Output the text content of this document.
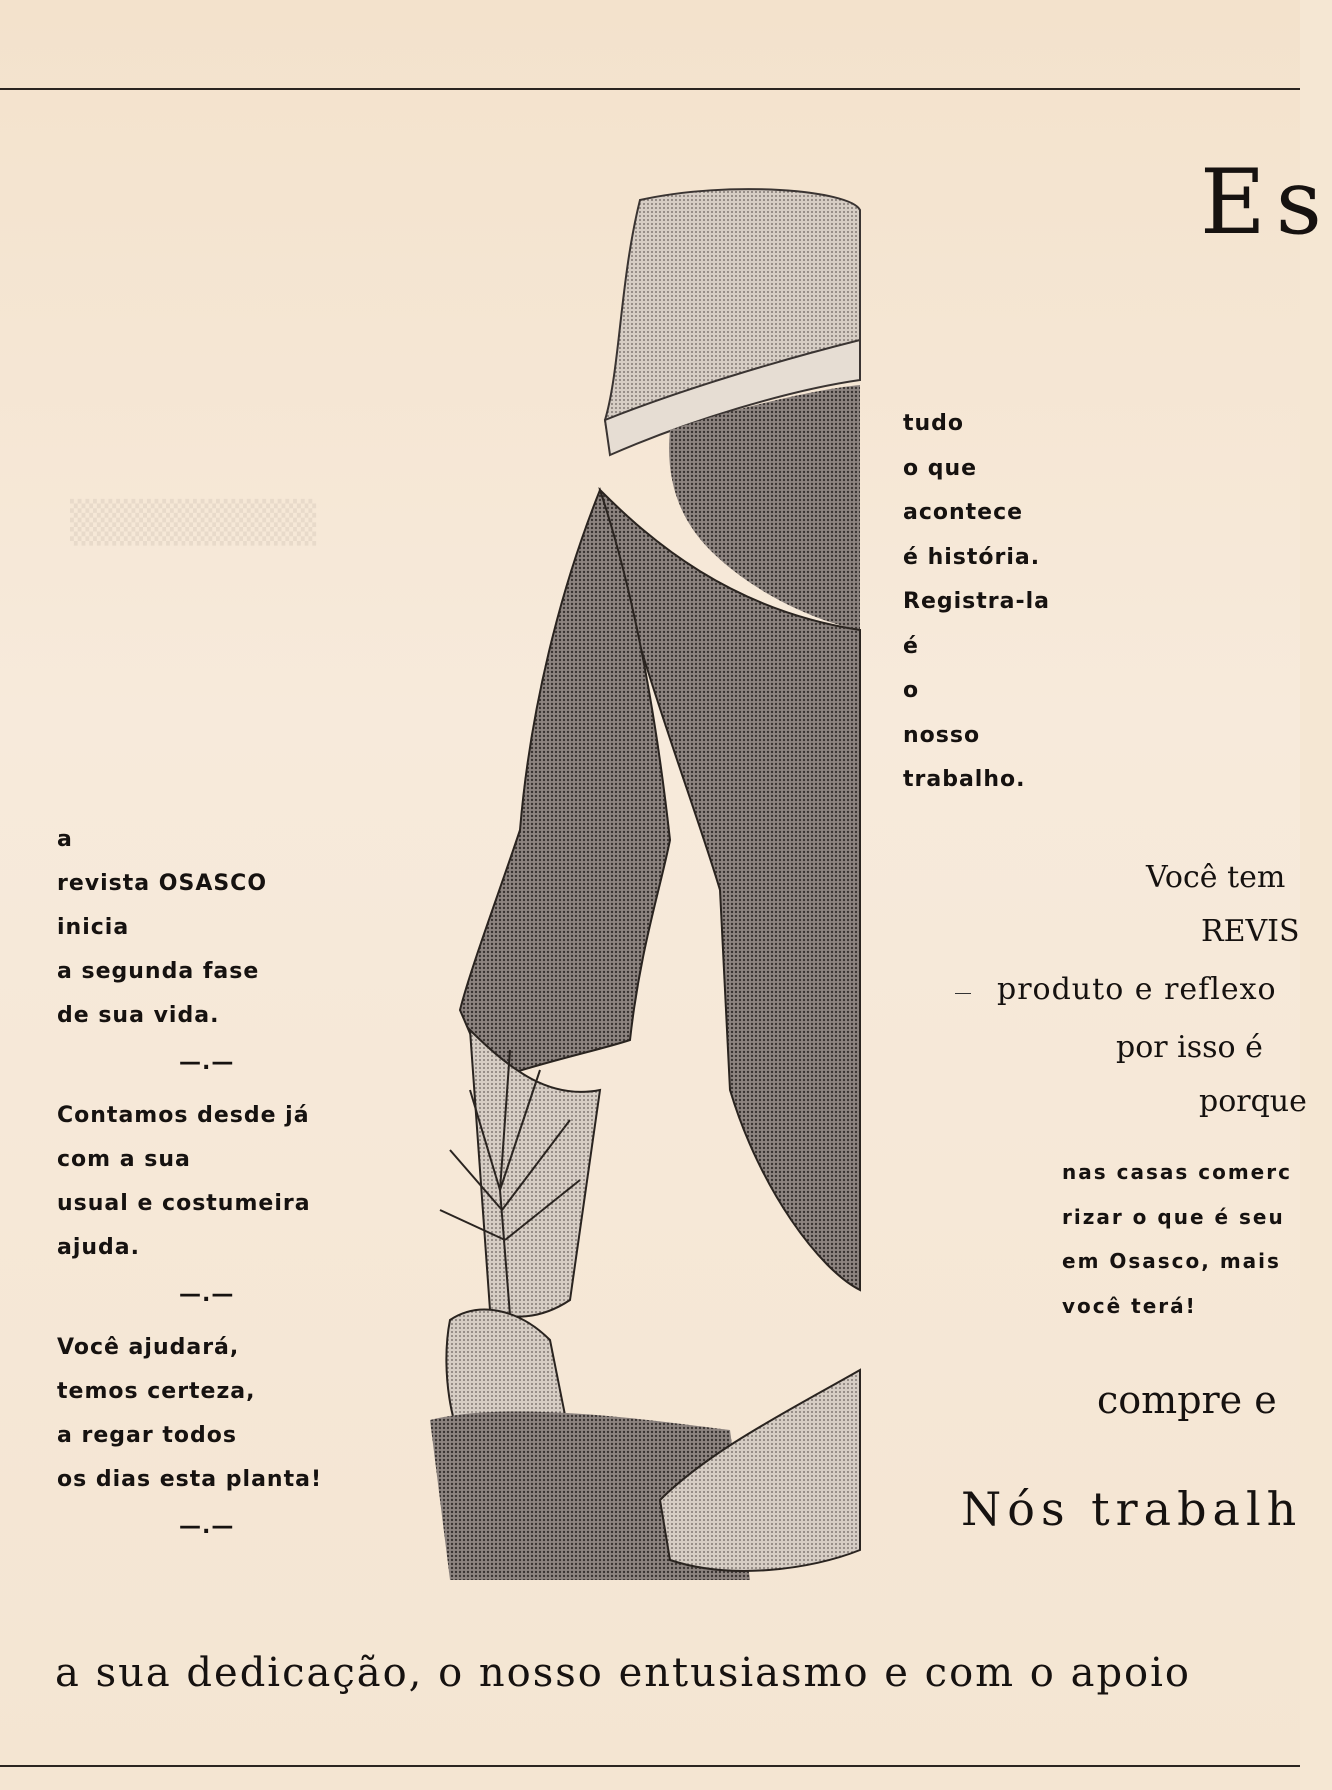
▒▒▒▒▒▒▒▒
Es

a

revista OSASCO

inicia

a segunda fase

de sua vida.

—.—

Contamos desde já

com a sua

usual e costumeira

ajuda.

—.—

Você ajudará,

temos certeza,

a regar todos

os dias esta planta!

—.—

tudo

o que

acontece

é história.

Registra-la

é

o

nosso

trabalho.

Você tem
REVIS
produto e reflexo
por isso é
porque

nas casas comerc

rizar o que é seu

em Osasco, mais

você terá!

compre e
Nós trabalh
a sua dedicação, o nosso entusiasmo e com o apoio
